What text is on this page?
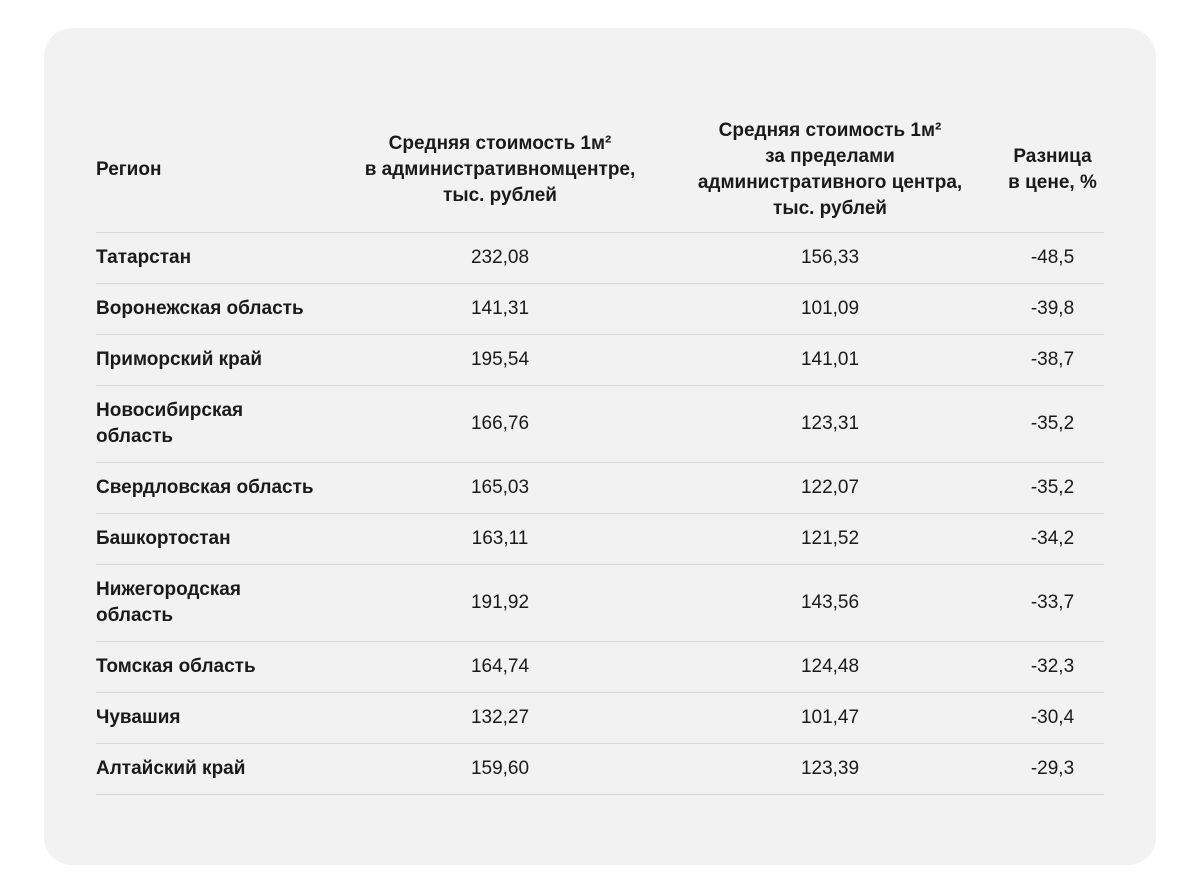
Регион	Средняя стоимость 1м²
в административномцентре,
тыс. рублей	Средняя стоимость 1м²
за пределами
административного центра,
тыс. рублей	Разница
в цене, %

Татарстан	232,08	156,33	-48,5

Воронежская область	141,31	101,09	-39,8

Приморский край	195,54	141,01	-38,7

Новосибирская
область	166,76	123,31	-35,2

Свердловская область	165,03	122,07	-35,2

Башкортостан	163,11	121,52	-34,2

Нижегородская
область	191,92	143,56	-33,7

Томская область	164,74	124,48	-32,3

Чувашия	132,27	101,47	-30,4

Алтайский край	159,60	123,39	-29,3
